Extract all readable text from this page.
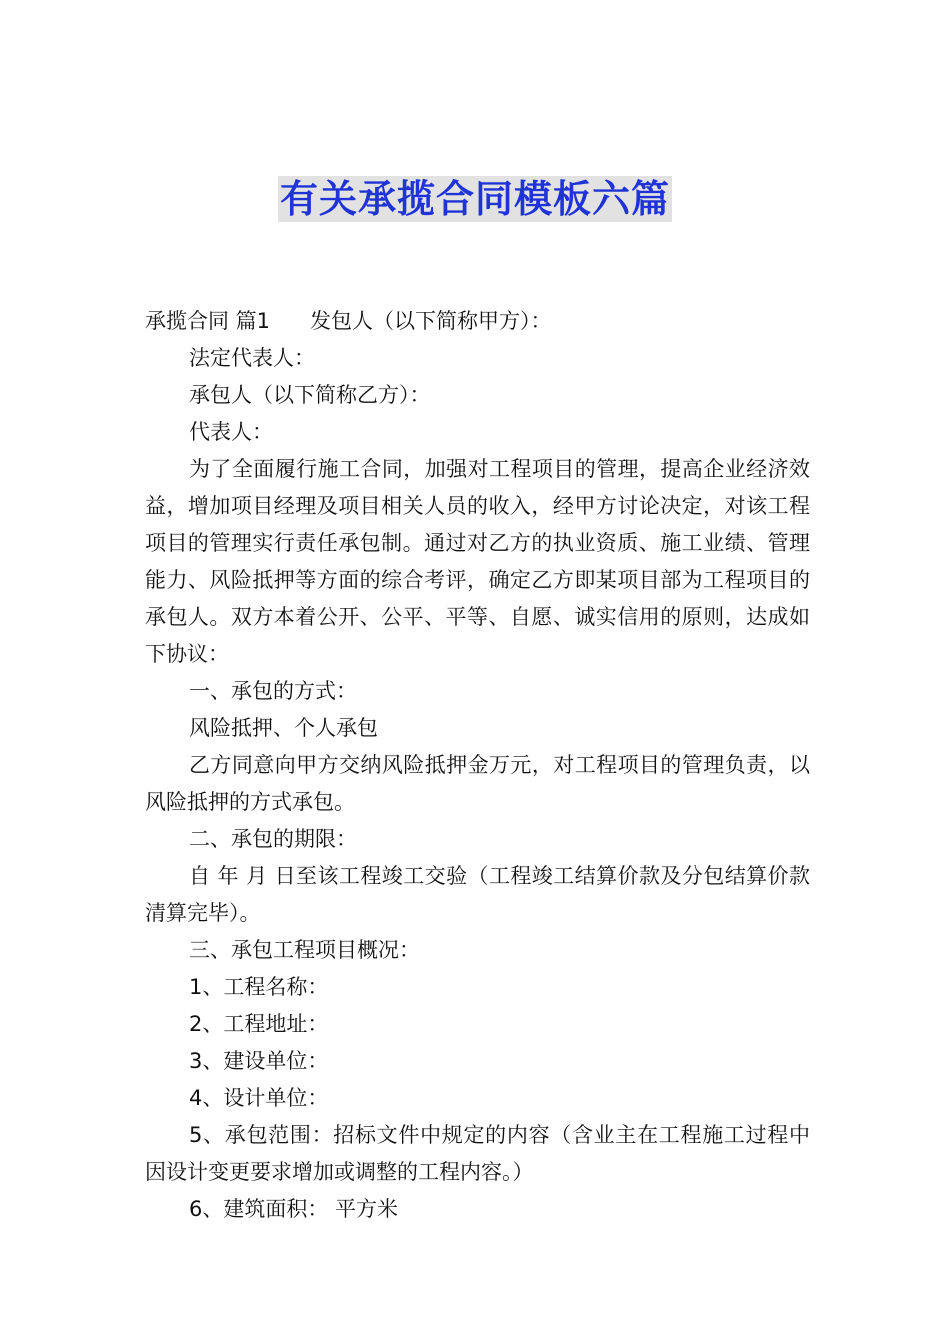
有关承揽合同模板六篇

承揽合同 篇1 发包人（以下简称甲方）：

法定代表人：

承包人（以下简称乙方）：

代表人：

为了全面履行施工合同，加强对工程项目的管理，提高企业经济效益，增加项目经理及项目相关人员的收入，经甲方讨论决定，对该工程项目的管理实行责任承包制。通过对乙方的执业资质、施工业绩、管理能力、风险抵押等方面的综合考评，确定乙方即某项目部为工程项目的承包人。双方本着公开、公平、平等、自愿、诚实信用的原则，达成如下协议：

一、承包的方式：

风险抵押、个人承包

乙方同意向甲方交纳风险抵押金万元，对工程项目的管理负责，以风险抵押的方式承包。

二、承包的期限：

自 年 月 日至该工程竣工交验（工程竣工结算价款及分包结算价款清算完毕）。

三、承包工程项目概况：

1、工程名称：

2、工程地址：

3、建设单位：

4、设计单位：

5、承包范围：招标文件中规定的内容（含业主在工程施工过程中因设计变更要求增加或调整的工程内容。）

6、建筑面积： 平方米
